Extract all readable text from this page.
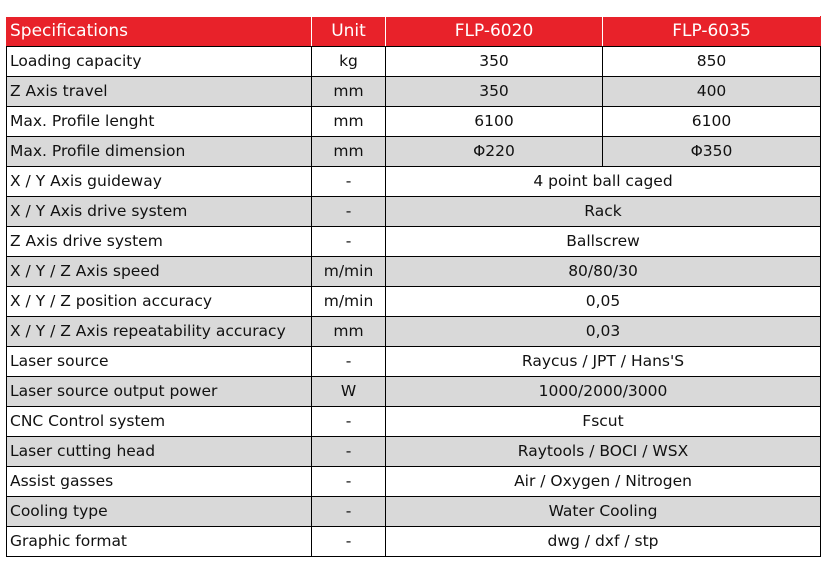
Specifications	Unit	FLP-6020	FLP-6035
Loading capacity	kg	350	850
Z Axis travel	mm	350	400
Max. Profile lenght	mm	6100	6100
Max. Profile dimension	mm	Φ220	Φ350
X / Y Axis guideway	-	4 point ball caged	
X / Y Axis drive system	-	Rack	
Z Axis drive system	-	Ballscrew	
X / Y / Z Axis speed	m/min	80/80/30	
X / Y / Z position accuracy	m/min	0,05	
X / Y / Z Axis repeatability accuracy	mm	0,03	
Laser source	-	Raycus / JPT / Hans'S	
Laser source output power	W	1000/2000/3000	
CNC Control system	-	Fscut	
Laser cutting head	-	Raytools / BOCI / WSX	
Assist gasses	-	Air / Oxygen / Nitrogen	
Cooling type	-	Water Cooling	
Graphic format	-	dwg / dxf / stp	
